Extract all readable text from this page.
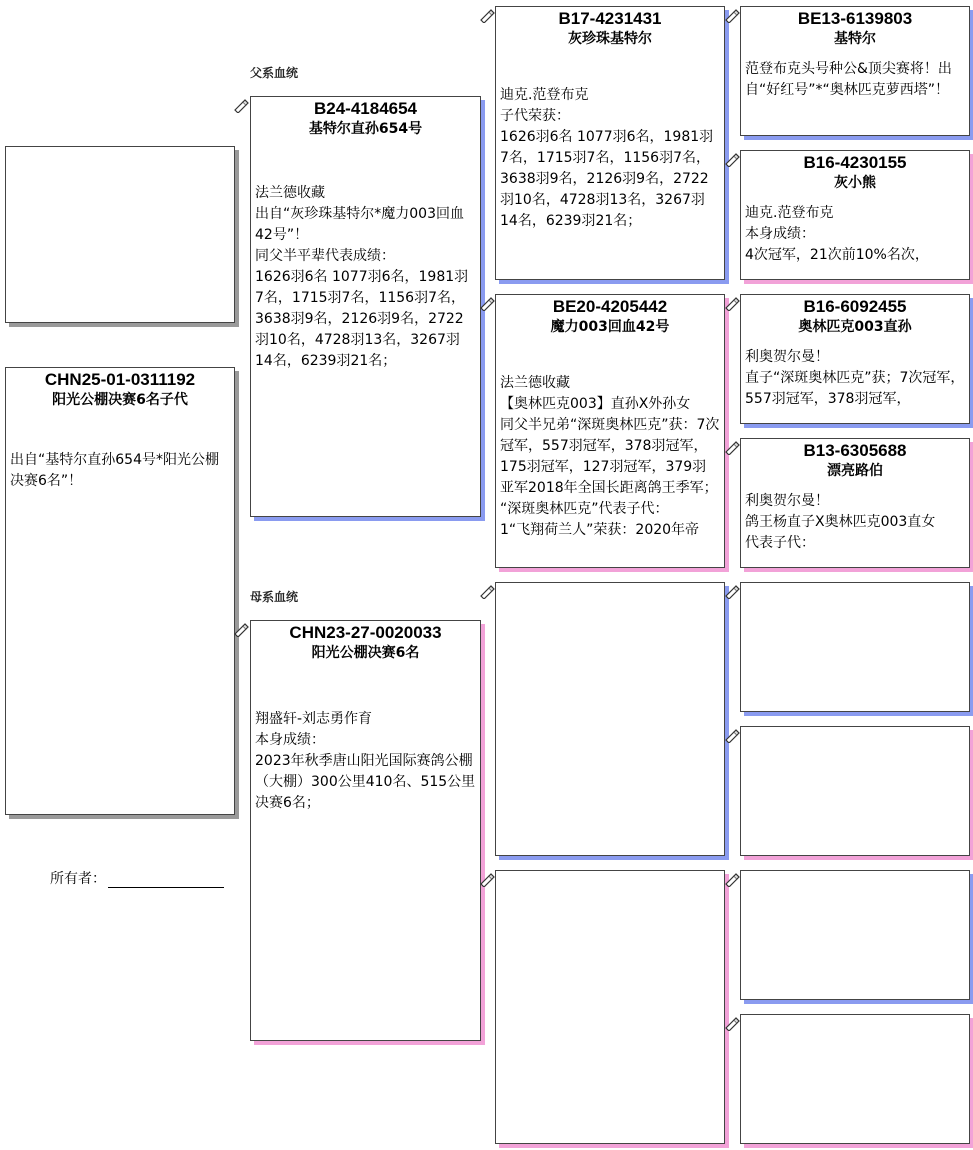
父系血统
母系血统
CHN25-01-0311192
阳光公棚决赛6名子代
出自“基特尔直孙654号*阳光公棚决赛6名”！
所有者：
B24-4184654
基特尔直孙654号
法兰德收藏
出自“灰珍珠基特尔*魔力003回血42号”！
同父半平辈代表成绩：
1626羽6名 1077羽6名，1981羽7名，1715羽7名，1156羽7名，3638羽9名，2126羽9名，2722羽10名，4728羽13名，3267羽14名，6239羽21名；
CHN23-27-0020033
阳光公棚决赛6名
翔盛轩-刘志勇作育
本身成绩：
2023年秋季唐山阳光国际赛鸽公棚（大棚）300公里410名、515公里决赛6名；
B17-4231431
灰珍珠基特尔
迪克.范登布克
子代荣获：
1626羽6名 1077羽6名，1981羽7名，1715羽7名，1156羽7名，3638羽9名，2126羽9名，2722羽10名，4728羽13名，3267羽14名，6239羽21名；
BE20-4205442
魔力003回血42号
法兰德收藏
【奥林匹克003】直孙X外孙女
同父半兄弟“深斑奥林匹克”获：7次冠军，557羽冠军，378羽冠军，175羽冠军，127羽冠军，379羽亚军2018年全国长距离鸽王季军；
“深斑奥林匹克”代表子代：
1“飞翔荷兰人”荣获：2020年帝
BE13-6139803
基特尔
范登布克头号种公&顶尖赛将！出自“好红号”*“奥林匹克萝西塔”！
B16-4230155
灰小熊
迪克.范登布克
本身成绩：
4次冠军，21次前10%名次，
B16-6092455
奥林匹克003直孙
利奥贺尔曼！
直子“深斑奥林匹克”获；7次冠军，557羽冠军，378羽冠军，
B13-6305688
漂亮路伯
利奥贺尔曼！
鸽王杨直子X奥林匹克003直女
代表子代：
